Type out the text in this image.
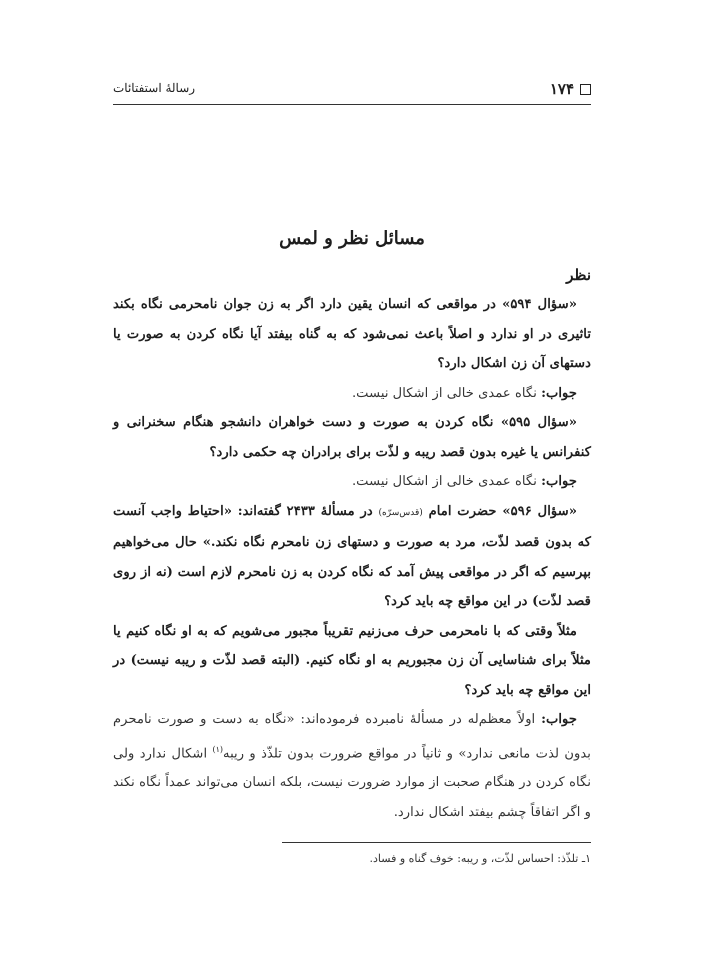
۱۷۴
رسالهٔ استفتائات
مسائل نظر و لمس

نظر

«سؤال ۵۹۴» در مواقعی که انسان یقین دارد اگر به زن جوان نامحرمی نگاه بکند تاثیری در او ندارد و اصلاً باعث نمی‌شود که به گناه بیفتد آیا نگاه کردن به صورت یا دستهای آن زن اشکال دارد؟

جواب: نگاه عمدی خالی از اشکال نیست.

«سؤال ۵۹۵» نگاه کردن به صورت و دست خواهران دانشجو هنگام سخنرانی و کنفرانس یا غیره بدون قصد ریبه و لذّت برای برادران چه حکمی دارد؟

جواب: نگاه عمدی خالی از اشکال نیست.

«سؤال ۵۹۶» حضرت امام (قدس‌سرّه) در مسألهٔ ۲۴۳۳ گفته‌اند: «احتیاط واجب آنست که بدون قصد لذّت، مرد به صورت و دستهای زن نامحرم نگاه نکند.» حال می‌خواهیم بپرسیم که اگر در مواقعی پیش آمد که نگاه کردن به زن نامحرم لازم است (نه از روی قصد لذّت) در این مواقع چه باید کرد؟

مثلاً وقتی که با نامحرمی حرف می‌زنیم تقریباً مجبور می‌شویم که به او نگاه کنیم یا مثلاً برای شناسایی آن زن مجبوریم به او نگاه کنیم. (البته قصد لذّت و ریبه نیست) در این مواقع چه باید کرد؟

جواب: اولاً معظم‌له در مسألهٔ نامبرده فرموده‌اند: «نگاه به دست و صورت نامحرم بدون لذت مانعی ندارد» و ثانیاً در مواقع ضرورت بدون تلذّذ و ریبه$^{(۱)}$ اشکال ندارد ولی نگاه کردن در هنگام صحبت از موارد ضرورت نیست، بلکه انسان می‌تواند عمداً نگاه نکند و اگر اتفاقاً چشم بیفتد اشکال ندارد.

۱ـ تلذّذ: احساس لذّت، و ریبه: خوف گناه و فساد.
